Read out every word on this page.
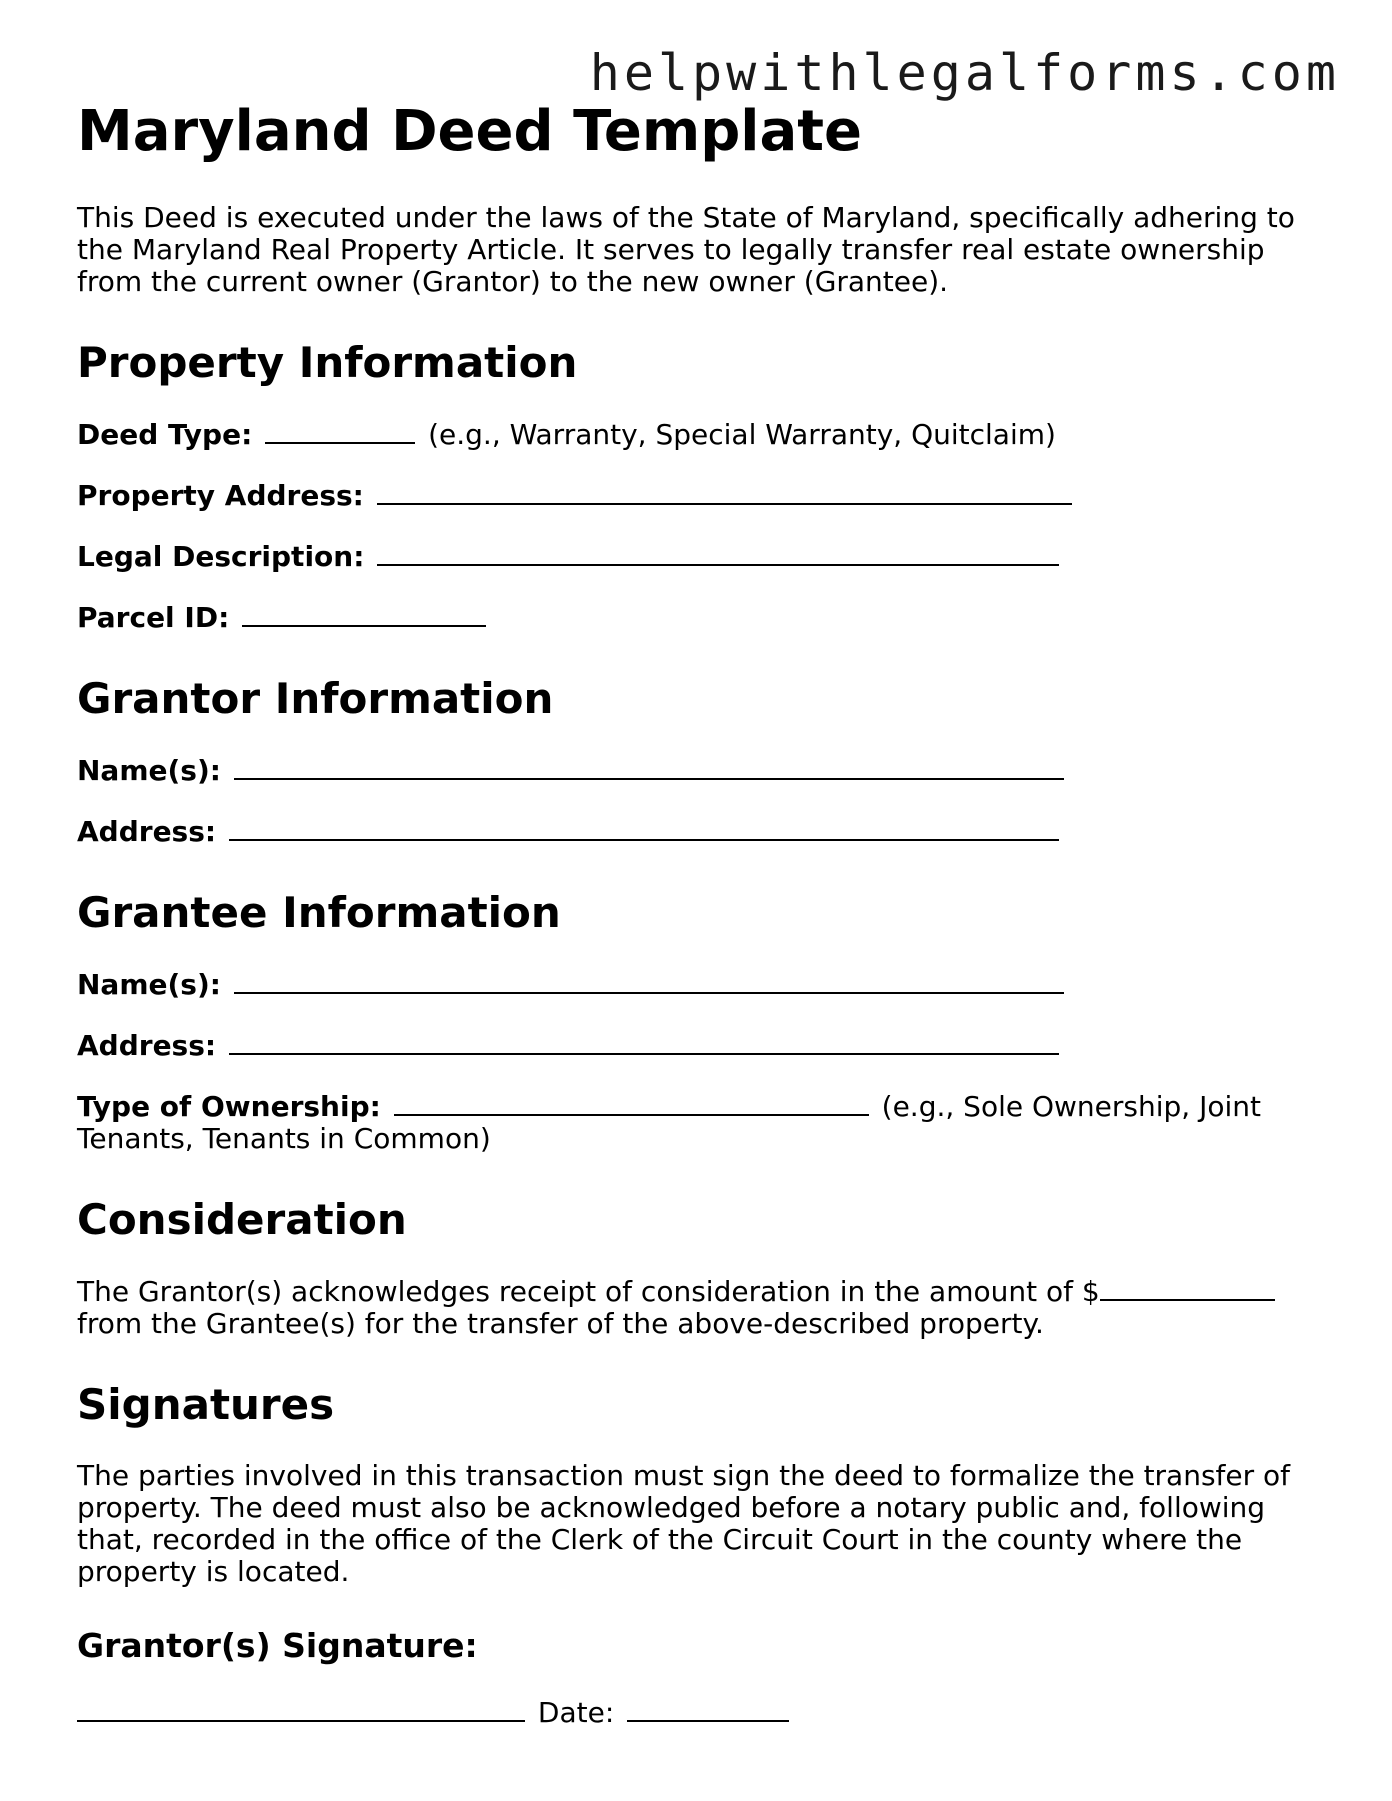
helpwithlegalforms.com
Maryland Deed Template

This Deed is executed under the laws of the State of Maryland, specifically adhering to the Maryland Real Property Article. It serves to legally transfer real estate ownership from the current owner (Grantor) to the new owner (Grantee).

Property Information
Deed Type:	(e.g., Warranty, Special Warranty, Quitclaim)
Property Address:
Legal Description:
Parcel ID:
Grantor Information
Name(s):
Address:
Grantee Information
Name(s):
Address:
Type of Ownership:	(e.g., Sole Ownership, Joint Tenants, Tenants in Common)
Consideration

The Grantor(s) acknowledges receipt of consideration in the amount of $ from the Grantee(s) for the transfer of the above-described property.

Signatures

The parties involved in this transaction must sign the deed to formalize the transfer of property. The deed must also be acknowledged before a notary public and, following that, recorded in the office of the Clerk of the Circuit Court in the county where the property is located.

Grantor(s) Signature:
Date:
